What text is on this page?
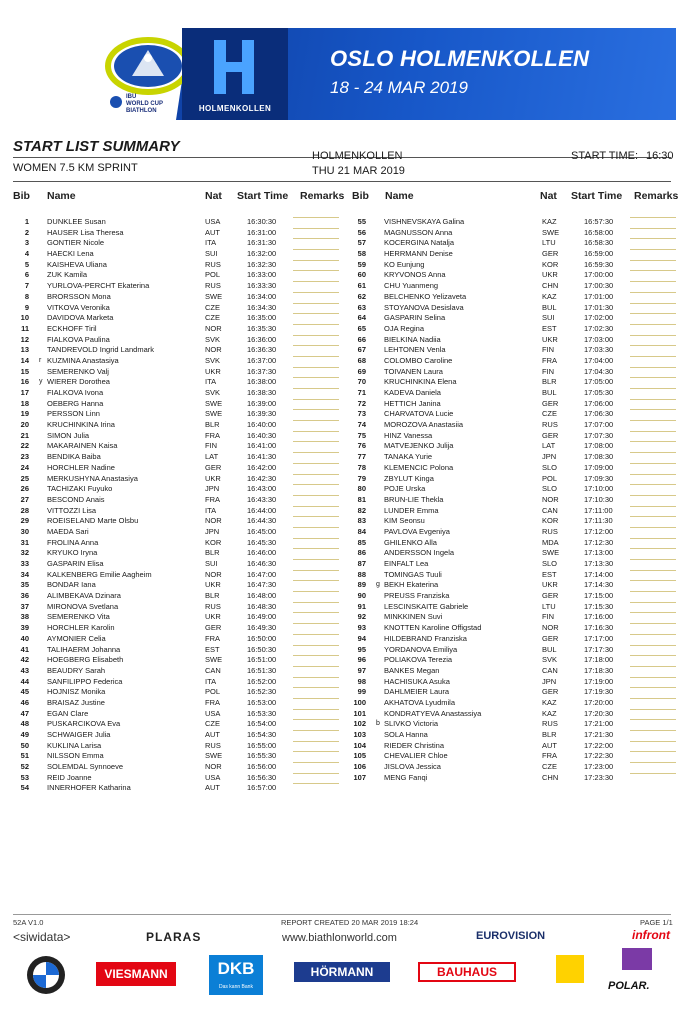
OSLO HOLMENKOLLEN
18 - 24 MAR 2019
IBU
WORLD CUP
BIATHLON	HOLMENKOLLEN
START LIST SUMMARY
WOMEN 7.5 KM SPRINT
HOLMENKOLLEN
THU 21 MAR 2019
START TIME: 16:30
Bib Name	Nat Start Time Remarks Bib Name	Nat Start Time Remarks
1 DUNKLEE Susan	USA	16:30:30
2 HAUSER Lisa Theresa	AUT	16:31:00
3 GONTIER Nicole	ITA	16:31:30
4 HAECKI Lena	SUI	16:32:00
5 KAISHEVA Uliana	RUS	16:32:30
6 ZUK Kamila	POL	16:33:00
7 YURLOVA-PERCHT Ekaterina	RUS	16:33:30
8 BRORSSON Mona	SWE	16:34:00
9 VITKOVA Veronika	CZE	16:34:30
10 DAVIDOVA Marketa	CZE	16:35:00
11 ECKHOFF Tiril	NOR	16:35:30
12 FIALKOVA Paulina	SVK	16:36:00
13 TANDREVOLD Ingrid Landmark	NOR	16:36:30
14 r KUZMINA Anastasiya	SVK	16:37:00
15 SEMERENKO Valj	UKR	16:37:30
16 y WIERER Dorothea	ITA	16:38:00
17 FIALKOVA Ivona	SVK	16:38:30
18 OEBERG Hanna	SWE	16:39:00
19 PERSSON Linn	SWE	16:39:30
20 KRUCHINKINA Irina	BLR	16:40:00
21 SIMON Julia	FRA	16:40:30
22 MAKARAINEN Kaisa	FIN	16:41:00
23 BENDIKA Baiba	LAT	16:41:30
24 HORCHLER Nadine	GER	16:42:00
25 MERKUSHYNA Anastasiya	UKR	16:42:30
26 TACHIZAKI Fuyuko	JPN	16:43:00
27 BESCOND Anais	FRA	16:43:30
28 VITTOZZI Lisa	ITA	16:44:00
29 ROEISELAND Marte Olsbu	NOR	16:44:30
30 MAEDA Sari	JPN	16:45:00
31 FROLINA Anna	KOR	16:45:30
32 KRYUKO Iryna	BLR	16:46:00
33 GASPARIN Elisa	SUI	16:46:30
34 KALKENBERG Emilie Aagheim	NOR	16:47:00
35 BONDAR Iana	UKR	16:47:30
36 ALIMBEKAVA Dzinara	BLR	16:48:00
37 MIRONOVA Svetlana	RUS	16:48:30
38 SEMERENKO Vita	UKR	16:49:00
39 HORCHLER Karolin	GER	16:49:30
40 AYMONIER Celia	FRA	16:50:00
41 TALIHAERM Johanna	EST	16:50:30
42 HOEGBERG Elisabeth	SWE	16:51:00
43 BEAUDRY Sarah	CAN	16:51:30
44 SANFILIPPO Federica	ITA	16:52:00
45 HOJNISZ Monika	POL	16:52:30
46 BRAISAZ Justine	FRA	16:53:00
47 EGAN Clare	USA	16:53:30
48 PUSKARCIKOVA Eva	CZE	16:54:00
49 SCHWAIGER Julia	AUT	16:54:30
50 KUKLINA Larisa	RUS	16:55:00
51 NILSSON Emma	SWE	16:55:30
52 SOLEMDAL Synnoeve	NOR	16:56:00
53 REID Joanne	USA	16:56:30
54 INNERHOFER Katharina	AUT	16:57:00
55 VISHNEVSKAYA Galina	KAZ	16:57:30
56 MAGNUSSON Anna	SWE	16:58:00
57 KOCERGINA Natalja	LTU	16:58:30
58 HERRMANN Denise	GER	16:59:00
59 KO Eunjung	KOR	16:59:30
60 KRYVONOS Anna	UKR	17:00:00
61 CHU Yuanmeng	CHN	17:00:30
62 BELCHENKO Yelizaveta	KAZ	17:01:00
63 STOYANOVA Desislava	BUL	17:01:30
64 GASPARIN Selina	SUI	17:02:00
65 OJA Regina	EST	17:02:30
66 BIELKINA Nadiia	UKR	17:03:00
67 LEHTONEN Venla	FIN	17:03:30
68 COLOMBO Caroline	FRA	17:04:00
69 TOIVANEN Laura	FIN	17:04:30
70 KRUCHINKINA Elena	BLR	17:05:00
71 KADEVA Daniela	BUL	17:05:30
72 HETTICH Janina	GER	17:06:00
73 CHARVATOVA Lucie	CZE	17:06:30
74 MOROZOVA Anastasiia	RUS	17:07:00
75 HINZ Vanessa	GER	17:07:30
76 MATVEJENKO Julija	LAT	17:08:00
77 TANAKA Yurie	JPN	17:08:30
78 KLEMENCIC Polona	SLO	17:09:00
79 ZBYLUT Kinga	POL	17:09:30
80 POJE Urska	SLO	17:10:00
81 BRUN-LIE Thekla	NOR	17:10:30
82 LUNDER Emma	CAN	17:11:00
83 KIM Seonsu	KOR	17:11:30
84 PAVLOVA Evgeniya	RUS	17:12:00
85 GHILENKO Alla	MDA	17:12:30
86 ANDERSSON Ingela	SWE	17:13:00
87 EINFALT Lea	SLO	17:13:30
88 TOMINGAS Tuuli	EST	17:14:00
89 g BEKH Ekaterina	UKR	17:14:30
90 PREUSS Franziska	GER	17:15:00
91 LESCINSKAITE Gabriele	LTU	17:15:30
92 MINKKINEN Suvi	FIN	17:16:00
93 KNOTTEN Karoline Offigstad	NOR	17:16:30
94 HILDEBRAND Franziska	GER	17:17:00
95 YORDANOVA Emiliya	BUL	17:17:30
96 POLIAKOVA Terezia	SVK	17:18:00
97 BANKES Megan	CAN	17:18:30
98 HACHISUKA Asuka	JPN	17:19:00
99 DAHLMEIER Laura	GER	17:19:30
100 AKHATOVA Lyudmila	KAZ	17:20:00
101 KONDRATYEVA Anastassiya	KAZ	17:20:30
102 b SLIVKO Victoria	RUS	17:21:00
103 SOLA Hanna	BLR	17:21:30
104 RIEDER Christina	AUT	17:22:00
105 CHEVALIER Chloe	FRA	17:22:30
106 JISLOVA Jessica	CZE	17:23:00
107 MENG Fanqi	CHN	17:23:30
52A V1.0	REPORT CREATED 20 MAR 2019 18:24	PAGE 1/1
www.biathlonworld.com
<siwidata>	PLARAS	EUROVISION	infront
VIESMANN	DKB
Das kann Bank
HÖRMANN	BAUHAUS
POLAR.
